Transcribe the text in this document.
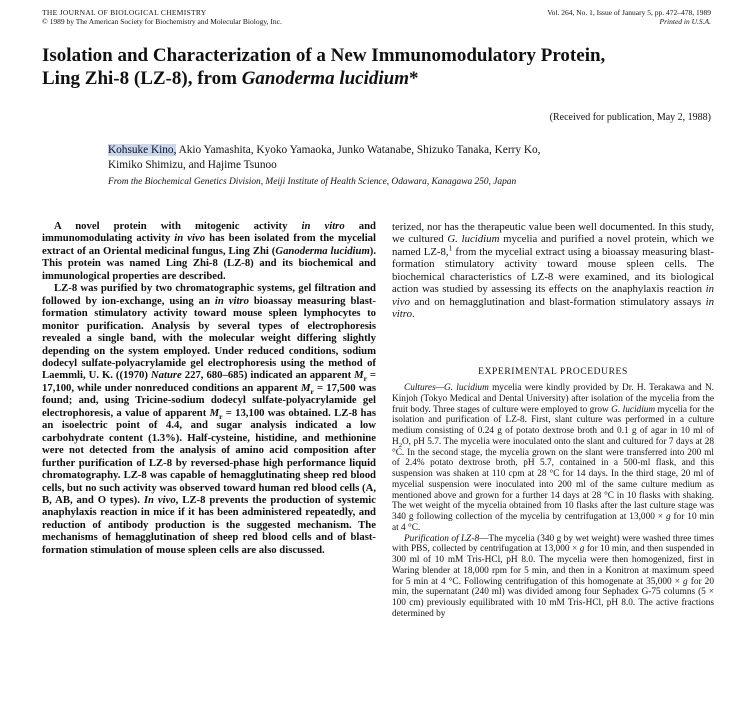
THE JOURNAL OF BIOLOGICAL CHEMISTRY
© 1989 by The American Society for Biochemistry and Molecular Biology, Inc.
Vol. 264, No. 1, Issue of January 5, pp. 472–478, 1989
Printed in U.S.A.
Isolation and Characterization of a New Immunomodulatory Protein,
Ling Zhi-8 (LZ-8), from Ganoderma lucidium*
(Received for publication, May 2, 1988)
Kohsuke Kino, Akio Yamashita, Kyoko Yamaoka, Junko Watanabe, Shizuko Tanaka, Kerry Ko,
Kimiko Shimizu, and Hajime Tsunoo
From the Biochemical Genetics Division, Meiji Institute of Health Science, Odawara, Kanagawa 250, Japan

A novel protein with mitogenic activity in vitro and immunomodulating activity in vivo has been isolated from the mycelial extract of an Oriental medicinal fungus, Ling Zhi (Ganoderma lucidium). This protein was named Ling Zhi-8 (LZ-8) and its biochemical and immunological properties are described.

LZ-8 was purified by two chromatographic systems, gel filtration and followed by ion-exchange, using an in vitro bioassay measuring blast-formation stimulatory activity toward mouse spleen lymphocytes to monitor purification. Analysis by several types of electrophoresis revealed a single band, with the molecular weight differing slightly depending on the system employed. Under reduced conditions, sodium dodecyl sulfate-polyacrylamide gel electrophoresis using the method of Laemmli, U. K. ((1970) Nature 227, 680–685) indicated an apparent $M_r = 17,100$, while under nonreduced conditions an apparent $M_r = 17,500$ was found; and, using Tricine-sodium dodecyl sulfate-polyacrylamide gel electrophoresis, a value of apparent $M_r = 13,100$ was obtained. LZ-8 has an isoelectric point of 4.4, and sugar analysis indicated a low carbohydrate content (1.3%). Half-cysteine, histidine, and methionine were not detected from the analysis of amino acid composition after further purification of LZ-8 by reversed-phase high performance liquid chromatography. LZ-8 was capable of hemagglutinating sheep red blood cells, but no such activity was observed toward human red blood cells (A, B, AB, and O types). In vivo, LZ-8 prevents the production of systemic anaphylaxis reaction in mice if it has been administered repeatedly, and reduction of antibody production is the suggested mechanism. The mechanisms of hemagglutination of sheep red blood cells and of blast-formation stimulation of mouse spleen cells are also discussed.

terized, nor has the therapeutic value been well documented. In this study, we cultured G. lucidium mycelia and purified a novel protein, which we named LZ-8,$^1$ from the mycelial extract using a bioassay measuring blast-formation stimulatory activity toward mouse spleen cells. The biochemical characteristics of LZ-8 were examined, and its biological action was studied by assessing its effects on the anaphylaxis reaction in vivo and on hemagglutination and blast-formation stimulatory assays in vitro.

EXPERIMENTAL PROCEDURES

Cultures—G. lucidium mycelia were kindly provided by Dr. H. Terakawa and N. Kinjoh (Tokyo Medical and Dental University) after isolation of the mycelia from the fruit body. Three stages of culture were employed to grow G. lucidium mycelia for the isolation and purification of LZ-8. First, slant culture was performed in a culture medium consisting of 0.24 g of potato dextrose broth and 0.1 g of agar in 10 ml of $H_2O$, pH 5.7. The mycelia were inoculated onto the slant and cultured for 7 days at 28 °C. In the second stage, the mycelia grown on the slant were transferred into 200 ml of 2.4% potato dextrose broth, pH 5.7, contained in a 500-ml flask, and this suspension was shaken at 110 cpm at 28 °C for 14 days. In the third stage, 20 ml of mycelial suspension were inoculated into 200 ml of the same culture medium as mentioned above and grown for a further 14 days at 28 °C in 10 flasks with shaking. The wet weight of the mycelia obtained from 10 flasks after the last culture stage was 340 g following collection of the mycelia by centrifugation at 13,000 × g for 10 min at 4 °C.

Purification of LZ-8—The mycelia (340 g by wet weight) were washed three times with PBS, collected by centrifugation at 13,000 × g for 10 min, and then suspended in 300 ml of 10 mM Tris-HCl, pH 8.0. The mycelia were then homogenized, first in Waring blender at 18,000 rpm for 5 min, and then in a Konitron at maximum speed for 5 min at 4 °C. Following centrifugation of this homogenate at 35,000 × g for 20 min, the supernatant (240 ml) was divided among four Sephadex G-75 columns (5 × 100 cm) previously equilibrated with 10 mM Tris-HCl, pH 8.0. The active fractions determined by
